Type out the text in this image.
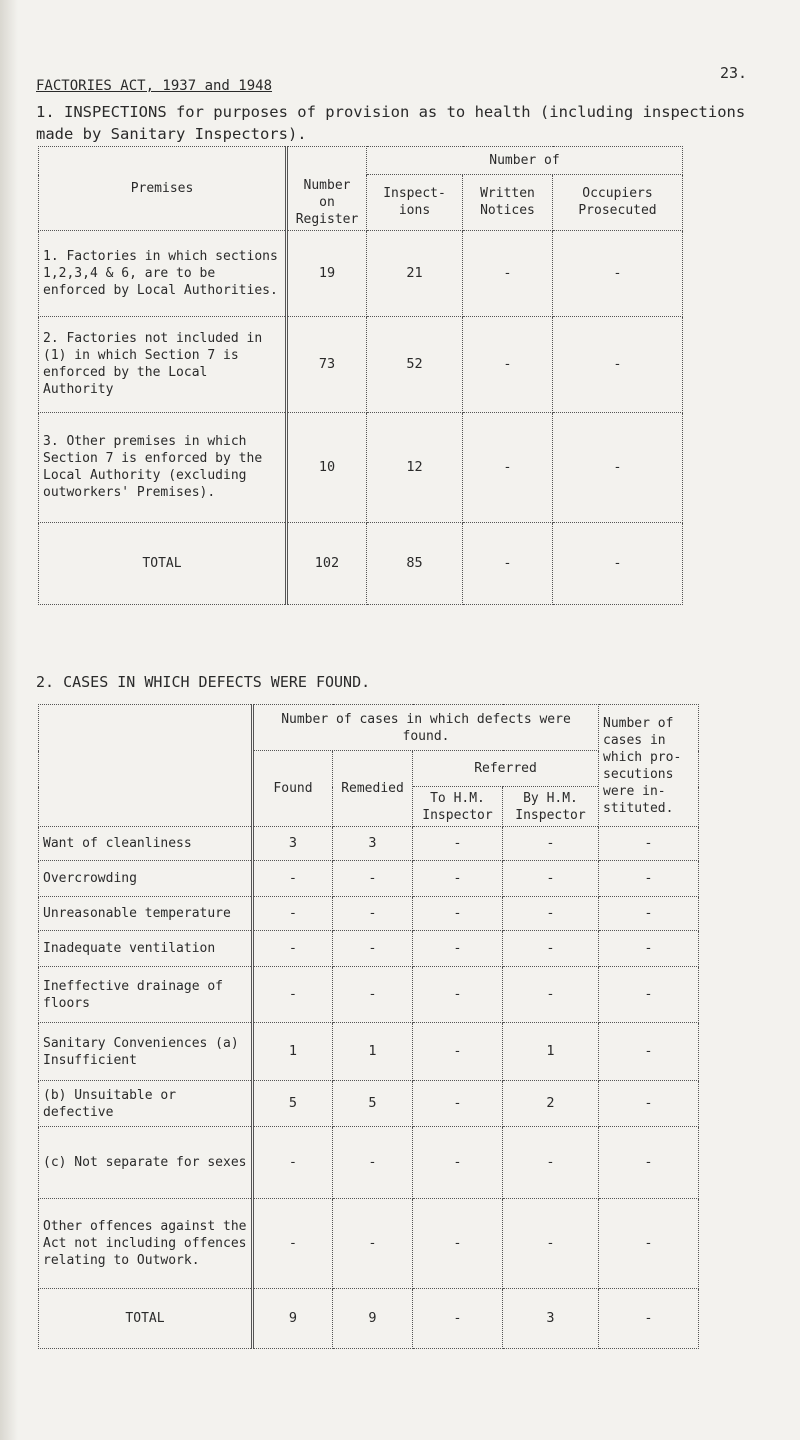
23.
FACTORIES ACT, 1937 and 1948
1. INSPECTIONS for purposes of provision as to health (including inspections made by Sanitary Inspectors).
Premises		Number of		
	Number on Register	Inspect- ions	Written Notices	Occupiers Prosecuted
1. Factories in which sections 1,2,3,4 & 6, are to be enforced by Local Authorities.	19	21	-	-
2. Factories not included in (1) in which Section 7 is enforced by the Local Authority	73	52	-	-
3. Other premises in which Section 7 is enforced by the Local Authority (excluding outworkers' Premises).	10	12	-	-
TOTAL	102	85	-	-
2. CASES IN WHICH DEFECTS WERE FOUND.
	Number of cases in which defects were found.				Number of cases in which pro- secutions were in- stituted.
	Found	Remedied	Referred		
			To H.M. Inspector	By H.M. Inspector	
Want of cleanliness	3	3	-	-	-
Overcrowding	-	-	-	-	-
Unreasonable temperature	-	-	-	-	-
Inadequate ventilation	-	-	-	-	-
Ineffective drainage of floors	-	-	-	-	-
Sanitary Conveniences (a) Insufficient	1	1	-	1	-
(b) Unsuitable or defective	5	5	-	2	-
(c) Not separate for sexes	-	-	-	-	-
Other offences against the Act not including offences relating to Outwork.	-	-	-	-	-
TOTAL	9	9	-	3	-
